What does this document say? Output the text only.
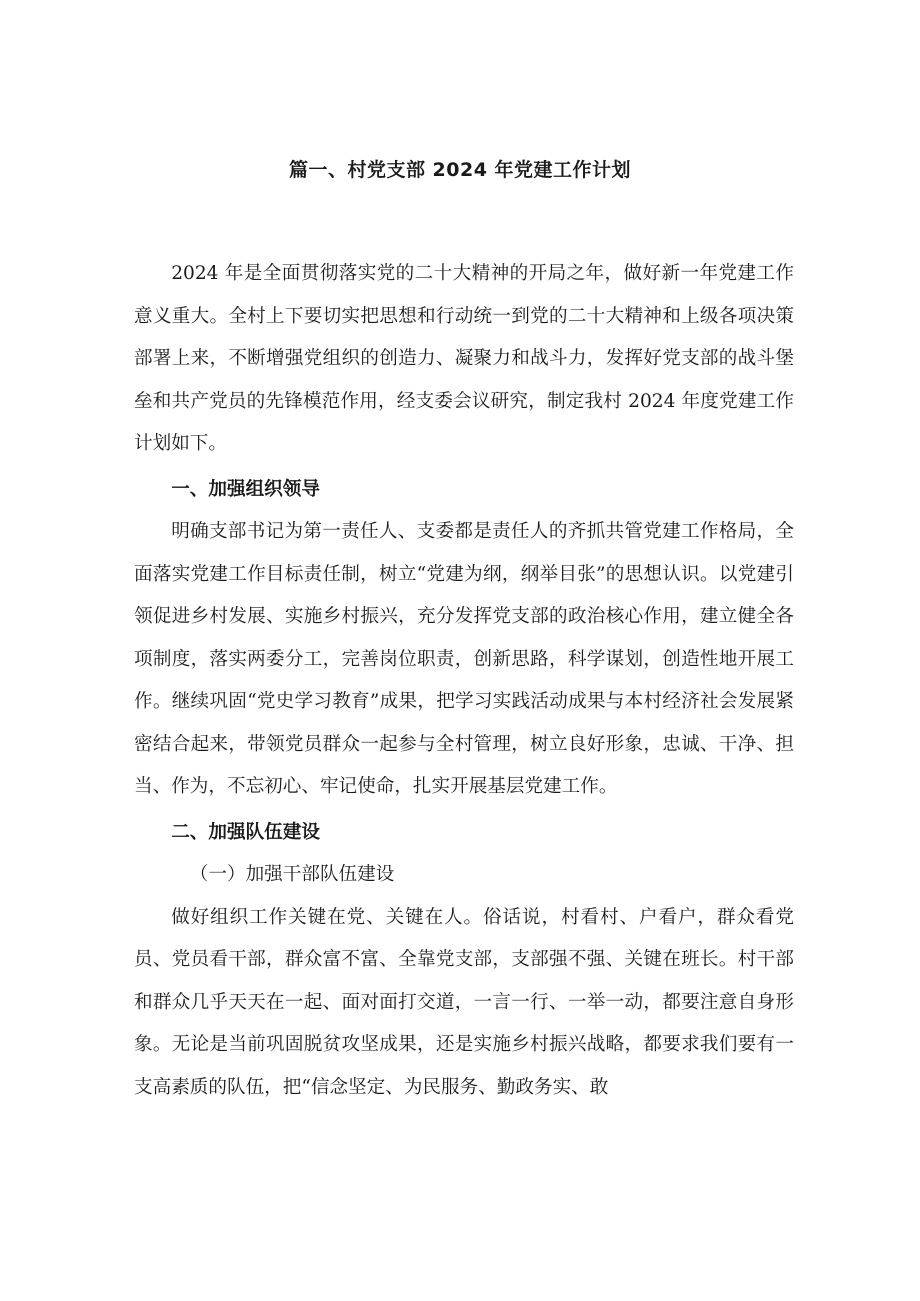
篇一、村党支部 2024 年党建工作计划

2024 年是全面贯彻落实党的二十大精神的开局之年，做好新一年党建工作意义重大。全村上下要切实把思想和行动统一到党的二十大精神和上级各项决策部署上来，不断增强党组织的创造力、凝聚力和战斗力，发挥好党支部的战斗堡垒和共产党员的先锋模范作用，经支委会议研究，制定我村 2024 年度党建工作计划如下。

一、加强组织领导

明确支部书记为第一责任人、支委都是责任人的齐抓共管党建工作格局，全面落实党建工作目标责任制，树立“党建为纲，纲举目张”的思想认识。以党建引领促进乡村发展、实施乡村振兴，充分发挥党支部的政治核心作用，建立健全各项制度，落实两委分工，完善岗位职责，创新思路，科学谋划，创造性地开展工作。继续巩固“党史学习教育”成果，把学习实践活动成果与本村经济社会发展紧密结合起来，带领党员群众一起参与全村管理，树立良好形象，忠诚、干净、担当、作为，不忘初心、牢记使命，扎实开展基层党建工作。

二、加强队伍建设
（一）加强干部队伍建设

做好组织工作关键在党、关键在人。俗话说，村看村、户看户，群众看党员、党员看干部，群众富不富、全靠党支部，支部强不强、关键在班长。村干部和群众几乎天天在一起、面对面打交道，一言一行、一举一动，都要注意自身形象。无论是当前巩固脱贫攻坚成果，还是实施乡村振兴战略，都要求我们要有一支高素质的队伍，把“信念坚定、为民服务、勤政务实、敢
